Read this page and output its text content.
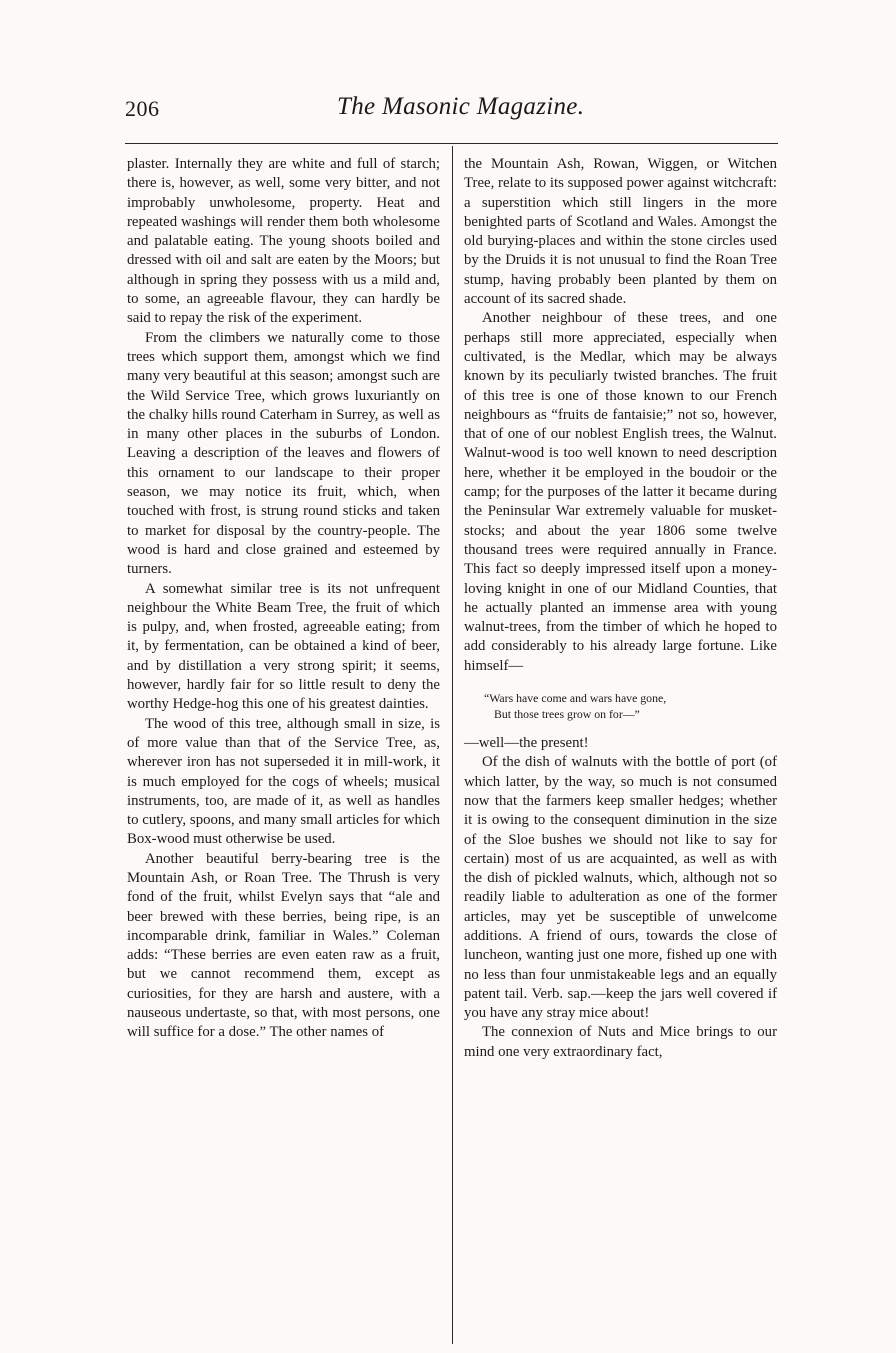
206	The Masonic Magazine.

plaster. Internally they are white and full of starch; there is, however, as well, some very bitter, and not improbably unwholesome, property. Heat and repeated washings will render them both wholesome and palatable eating. The young shoots boiled and dressed with oil and salt are eaten by the Moors; but although in spring they possess with us a mild and, to some, an agreeable flavour, they can hardly be said to repay the risk of the experiment.

From the climbers we naturally come to those trees which support them, amongst which we find many very beautiful at this season; amongst such are the Wild Service Tree, which grows luxuriantly on the chalky hills round Caterham in Surrey, as well as in many other places in the suburbs of London. Leaving a description of the leaves and flowers of this ornament to our landscape to their proper season, we may notice its fruit, which, when touched with frost, is strung round sticks and taken to market for disposal by the country-people. The wood is hard and close grained and esteemed by turners.

A somewhat similar tree is its not unfrequent neighbour the White Beam Tree, the fruit of which is pulpy, and, when frosted, agreeable eating; from it, by fermentation, can be obtained a kind of beer, and by distillation a very strong spirit; it seems, however, hardly fair for so little result to deny the worthy Hedge-hog this one of his greatest dainties.

The wood of this tree, although small in size, is of more value than that of the Service Tree, as, wherever iron has not superseded it in mill-work, it is much employed for the cogs of wheels; musical instruments, too, are made of it, as well as handles to cutlery, spoons, and many small articles for which Box-wood must otherwise be used.

Another beautiful berry-bearing tree is the Mountain Ash, or Roan Tree. The Thrush is very fond of the fruit, whilst Evelyn says that “ale and beer brewed with these berries, being ripe, is an incomparable drink, familiar in Wales.” Coleman adds: “These berries are even eaten raw as a fruit, but we cannot recommend them, except as curiosities, for they are harsh and austere, with a nauseous undertaste, so that, with most persons, one will suffice for a dose.” The other names of

the Mountain Ash, Rowan, Wiggen, or Witchen Tree, relate to its supposed power against witchcraft: a superstition which still lingers in the more benighted parts of Scotland and Wales. Amongst the old burying-places and within the stone circles used by the Druids it is not unusual to find the Roan Tree stump, having probably been planted by them on account of its sacred shade.

Another neighbour of these trees, and one perhaps still more appreciated, especially when cultivated, is the Medlar, which may be always known by its peculiarly twisted branches. The fruit of this tree is one of those known to our French neighbours as “fruits de fantaisie;” not so, however, that of one of our noblest English trees, the Walnut. Walnut-wood is too well known to need description here, whether it be employed in the boudoir or the camp; for the purposes of the latter it became during the Peninsular War extremely valuable for musket-stocks; and about the year 1806 some twelve thousand trees were required annually in France. This fact so deeply impressed itself upon a money-loving knight in one of our Midland Counties, that he actually planted an immense area with young walnut-trees, from the timber of which he hoped to add considerably to his already large fortune. Like himself—

“Wars have come and wars have gone,
But those trees grow on for—”

—well—the present!

Of the dish of walnuts with the bottle of port (of which latter, by the way, so much is not consumed now that the farmers keep smaller hedges; whether it is owing to the consequent diminution in the size of the Sloe bushes we should not like to say for certain) most of us are acquainted, as well as with the dish of pickled walnuts, which, although not so readily liable to adulteration as one of the former articles, may yet be susceptible of unwelcome additions. A friend of ours, towards the close of luncheon, wanting just one more, fished up one with no less than four unmistakeable legs and an equally patent tail. Verb. sap.—keep the jars well covered if you have any stray mice about!

The connexion of Nuts and Mice brings to our mind one very extraordinary fact,
